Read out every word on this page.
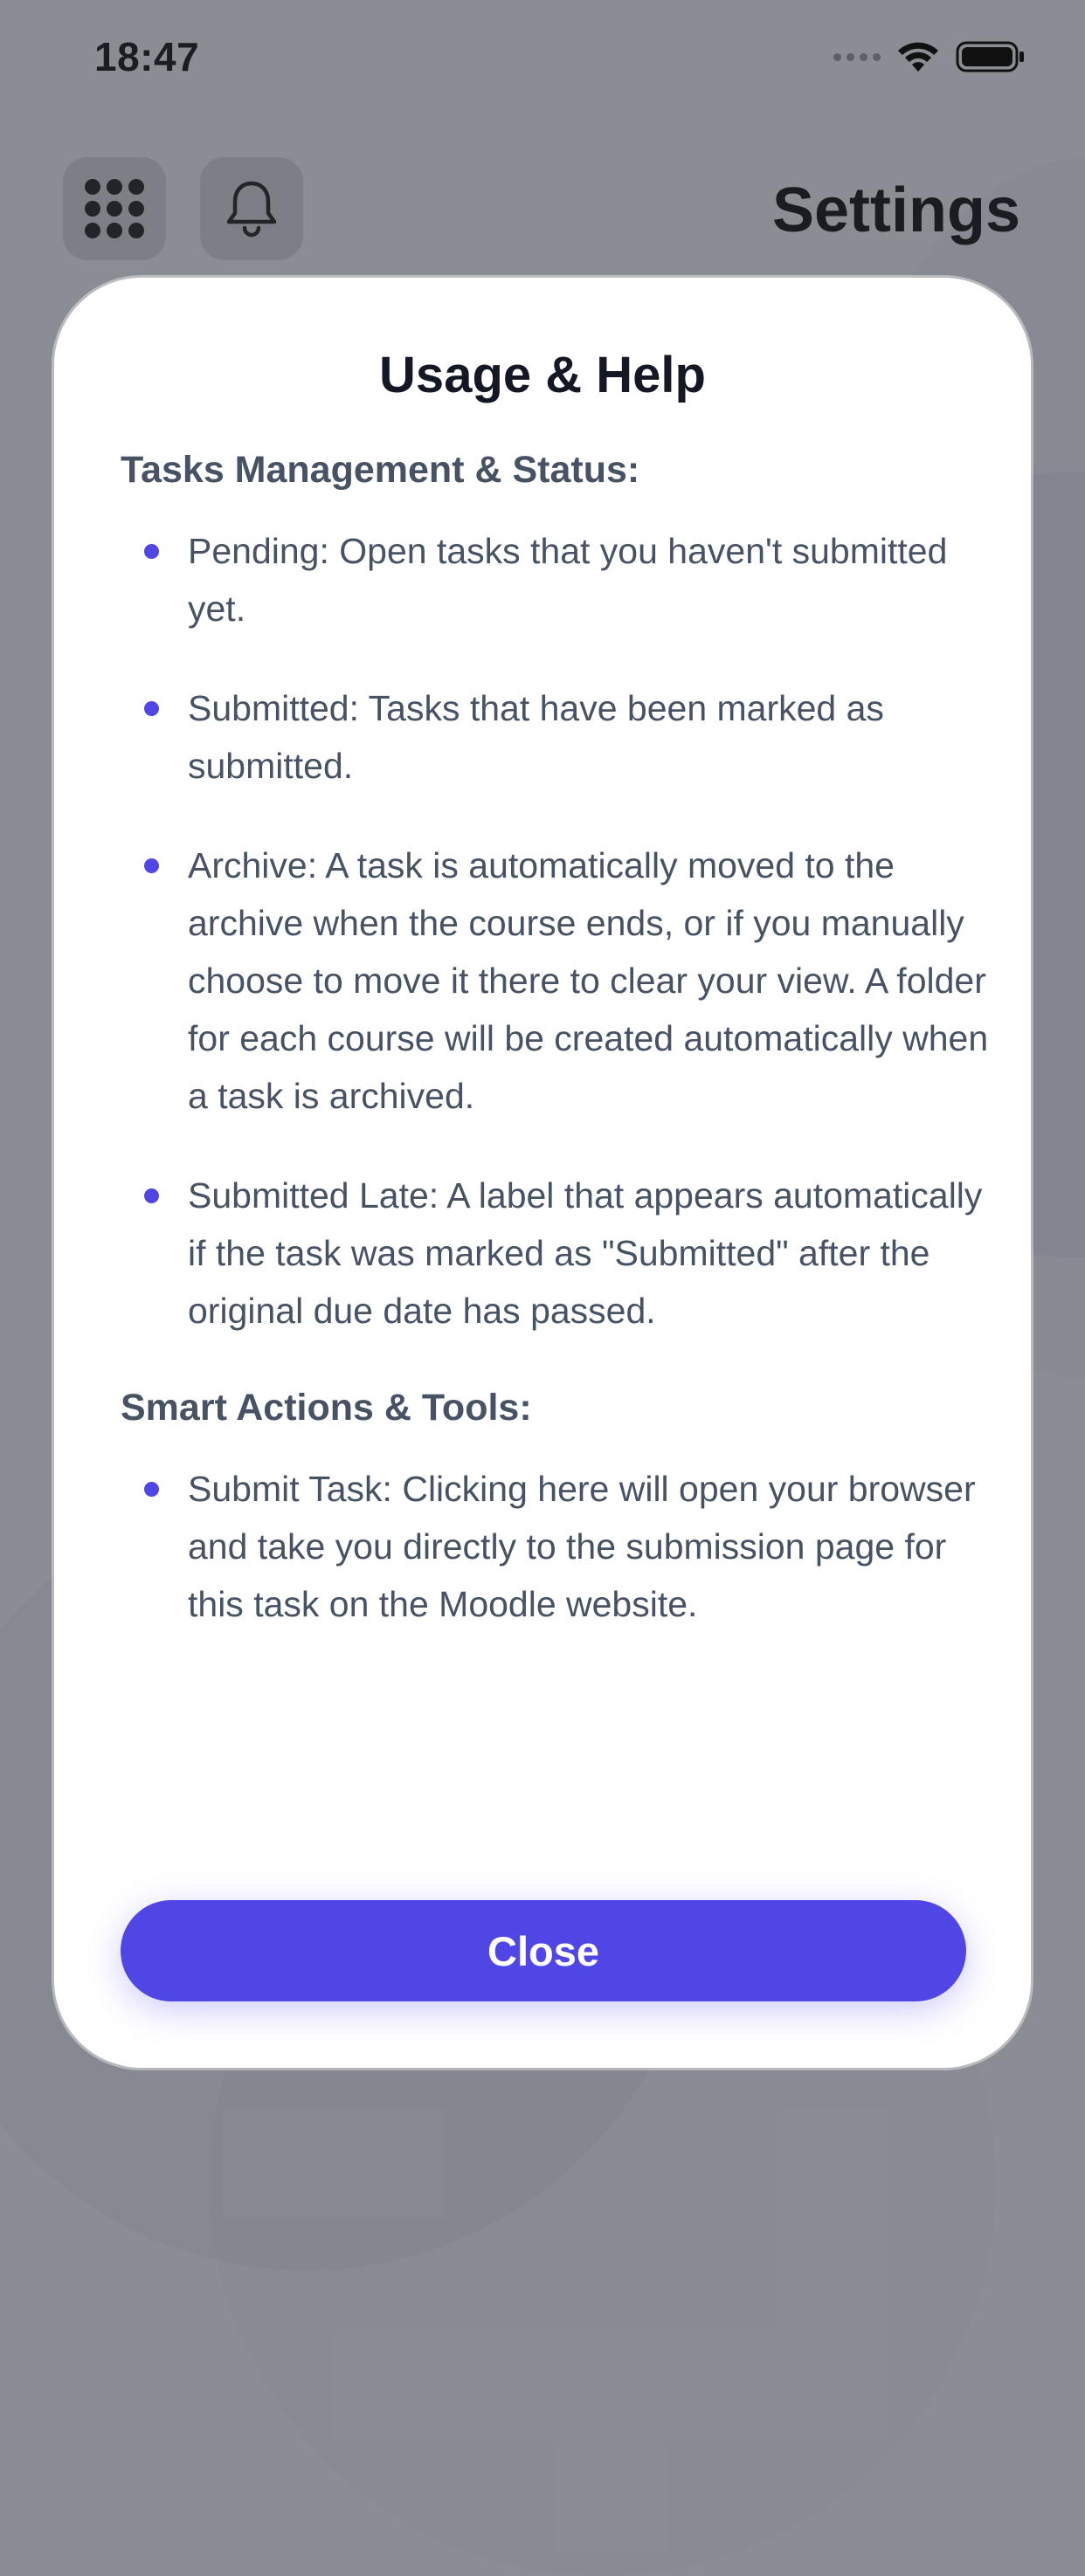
18:47
Settings
Usage & Help
Tasks Management & Status:
Pending: Open tasks that you haven't submitted yet.
Submitted: Tasks that have been marked as submitted.
Archive: A task is automatically moved to the archive when the course ends, or if you manually choose to move it there to clear your view. A folder for each course will be created automatically when a task is archived.
Submitted Late: A label that appears automatically if the task was marked as "Submitted" after the original due date has passed.
Smart Actions & Tools:
Submit Task: Clicking here will open your browser and take you directly to the submission page for this task on the Moodle website.
Close
